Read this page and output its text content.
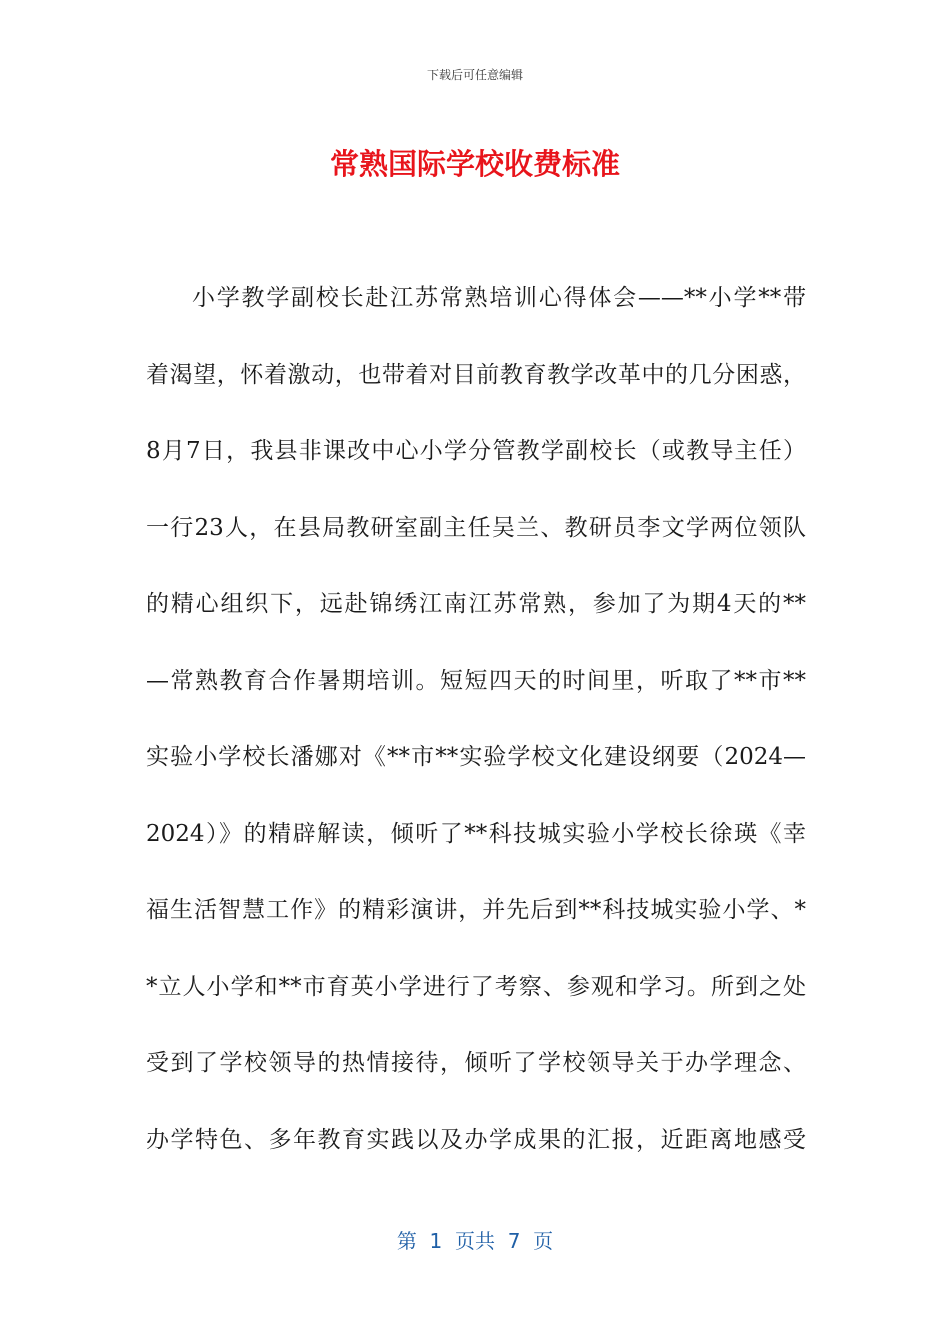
下载后可任意编辑
常熟国际学校收费标准
小学教学副校长赴江苏常熟培训心得体会——**小学**带
着渴望，怀着激动，也带着对目前教育教学改革中的几分困惑，
8月7日，我县非课改中心小学分管教学副校长（或教导主任）
一行23人，在县局教研室副主任吴兰、教研员李文学两位领队
的精心组织下，远赴锦绣江南江苏常熟，参加了为期4天的**
—常熟教育合作暑期培训。短短四天的时间里，听取了**市**
实验小学校长潘娜对《**市**实验学校文化建设纲要（2024—
2024）》的精辟解读，倾听了**科技城实验小学校长徐瑛《幸
福生活智慧工作》的精彩演讲，并先后到**科技城实验小学、*
*立人小学和**市育英小学进行了考察、参观和学习。所到之处
受到了学校领导的热情接待，倾听了学校领导关于办学理念、
办学特色、多年教育实践以及办学成果的汇报，近距离地感受
第  1  页共  7  页
